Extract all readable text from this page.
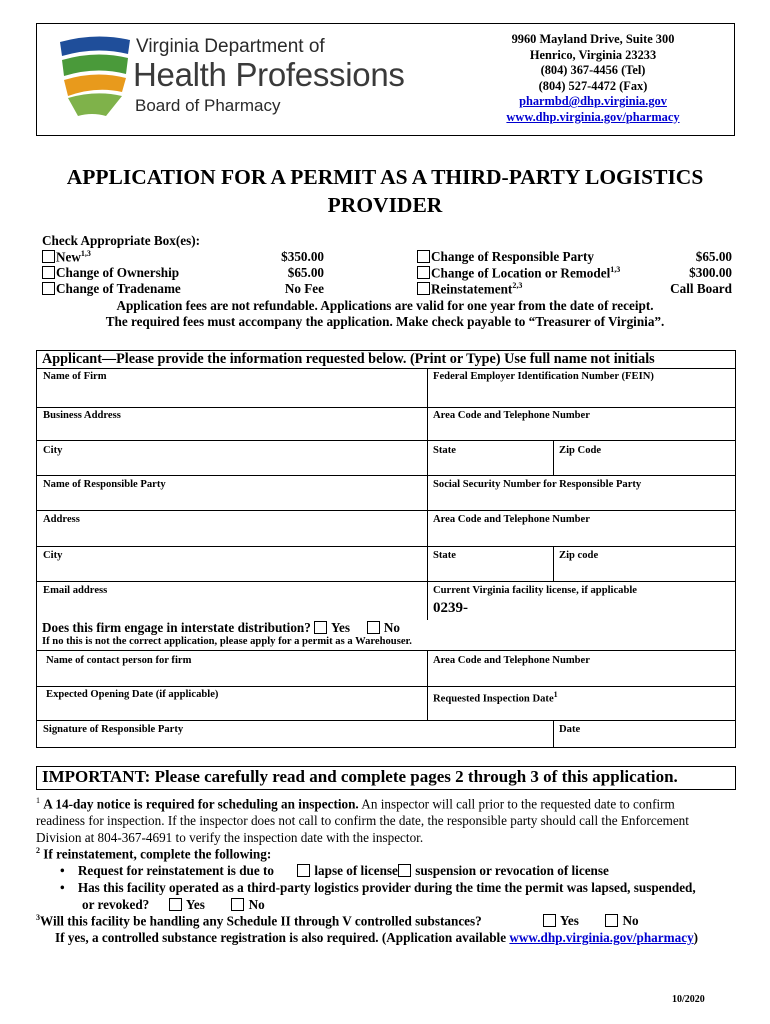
Virginia Department of
Health Professions
Board of Pharmacy
9960 Mayland Drive, Suite 300
Henrico, Virginia 23233
(804) 367-4456 (Tel)
(804) 527-4472 (Fax)
pharmbd@dhp.virginia.gov
www.dhp.virginia.gov/pharmacy
APPLICATION FOR A PERMIT AS A THIRD-PARTY LOGISTICS
PROVIDER
Check Appropriate Box(es):
New$^{1,3}$	$350.00
Change of Ownership	$65.00
Change of Tradename	No Fee
Change of Responsible Party	$65.00
Change of Location or Remodel$^{1,3}$	$300.00
Reinstatement$^{2,3}$	Call Board
Application fees are not refundable. Applications are valid for one year from the date of receipt.
The required fees must accompany the application. Make check payable to “Treasurer of Virginia”.
Applicant—Please provide the information requested below. (Print or Type) Use full name not initials
Name of Firm	Federal Employer Identification Number (FEIN)
Business Address	Area Code and Telephone Number
City	State	Zip Code
Name of Responsible Party	Social Security Number for Responsible Party
Address	Area Code and Telephone Number
City	State	Zip code
Email address	Current Virginia facility license, if applicable
0239-
Does this firm engage in interstate distribution? Yes	No
If no this is not the correct application, please apply for a permit as a Warehouser.
Name of contact person for firm	Area Code and Telephone Number
Expected Opening Date (if applicable)	Requested Inspection Date$^1$
Signature of Responsible Party	Date
IMPORTANT: Please carefully read and complete pages 2 through 3 of this application.
$^1$ A 14-day notice is required for scheduling an inspection. An inspector will call prior to the requested date to confirm
readiness for inspection. If the inspector does not call to confirm the date, the responsible party should call the Enforcement
Division at 804-367-4691 to verify the inspection date with the inspector.
$^2$ If reinstatement, complete the following:
•    Request for reinstatement is due to	lapse of license suspension or revocation of license
•    Has this facility operated as a third-party logistics provider during the time the permit was lapsed, suspended,
or revoked?	Yes	No
$^3$Will this facility be handling any Schedule II through V controlled substances?	Yes	No
If yes, a controlled substance registration is also required. (Application available www.dhp.virginia.gov/pharmacy)
10/2020
